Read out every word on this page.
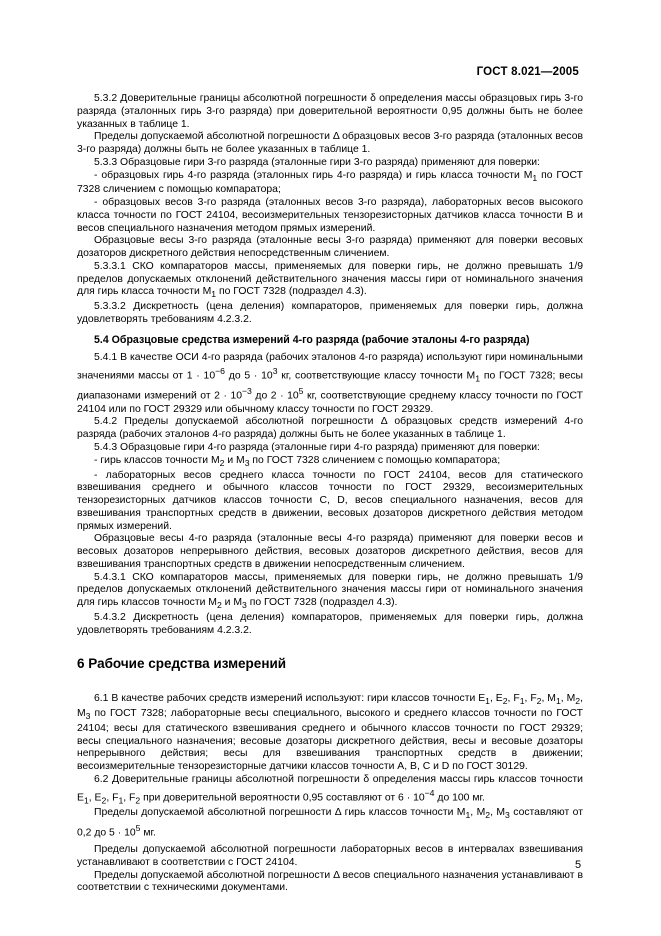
ГОСТ 8.021—2005

5.3.2 Доверительные границы абсолютной погрешности δ определения массы образцовых гирь 3-го разряда (эталонных гирь 3-го разряда) при доверительной вероятности 0,95 должны быть не более указанных в таблице 1.

Пределы допускаемой абсолютной погрешности Δ образцовых весов 3-го разряда (эталонных весов 3-го разряда) должны быть не более указанных в таблице 1.

5.3.3 Образцовые гири 3-го разряда (эталонные гири 3-го разряда) применяют для поверки:

- образцовых гирь 4-го разряда (эталонных гирь 4-го разряда) и гирь класса точности $M_1$ по ГОСТ 7328 сличением с помощью компаратора;

- образцовых весов 3-го разряда (эталонных весов 3-го разряда), лабораторных весов высокого класса точности по ГОСТ 24104, весоизмерительных тензорезисторных датчиков класса точности B и весов специального назначения методом прямых измерений.

Образцовые весы 3-го разряда (эталонные весы 3-го разряда) применяют для поверки весовых дозаторов дискретного действия непосредственным сличением.

5.3.3.1 СКО компараторов массы, применяемых для поверки гирь, не должно превышать 1/9 пределов допускаемых отклонений действительного значения массы гири от номинального значения для гирь класса точности $M_1$ по ГОСТ 7328 (подраздел 4.3).

5.3.3.2 Дискретность (цена деления) компараторов, применяемых для поверки гирь, должна удовлетворять требованиям 4.2.3.2.

5.4 Образцовые средства измерений 4-го разряда (рабочие эталоны 4-го разряда)

5.4.1 В качестве ОСИ 4-го разряда (рабочих эталонов 4-го разряда) используют гири номинальными значениями массы от $1 \cdot 10^{-6}$ до $5 \cdot 10^3$ кг, соответствующие классу точности $M_1$ по ГОСТ 7328; весы диапазонами измерений от $2 \cdot 10^{-3}$ до $2 \cdot 10^5$ кг, соответствующие среднему классу точности по ГОСТ 24104 или по ГОСТ 29329 или обычному классу точности по ГОСТ 29329.

5.4.2 Пределы допускаемой абсолютной погрешности Δ образцовых средств измерений 4-го разряда (рабочих эталонов 4-го разряда) должны быть не более указанных в таблице 1.

5.4.3 Образцовые гири 4-го разряда (эталонные гири 4-го разряда) применяют для поверки:

- гирь классов точности $M_2$ и $M_3$ по ГОСТ 7328 сличением с помощью компаратора;

- лабораторных весов среднего класса точности по ГОСТ 24104, весов для статического взвешивания среднего и обычного классов точности по ГОСТ 29329, весоизмерительных тензорезисторных датчиков классов точности C, D, весов специального назначения, весов для взвешивания транспортных средств в движении, весовых дозаторов дискретного действия методом прямых измерений.

Образцовые весы 4-го разряда (эталонные весы 4-го разряда) применяют для поверки весов и весовых дозаторов непрерывного действия, весовых дозаторов дискретного действия, весов для взвешивания транспортных средств в движении непосредственным сличением.

5.4.3.1 СКО компараторов массы, применяемых для поверки гирь, не должно превышать 1/9 пределов допускаемых отклонений действительного значения массы гири от номинального значения для гирь классов точности $M_2$ и $M_3$ по ГОСТ 7328 (подраздел 4.3).

5.4.3.2 Дискретность (цена деления) компараторов, применяемых для поверки гирь, должна удовлетворять требованиям 4.2.3.2.

6 Рабочие средства измерений

6.1 В качестве рабочих средств измерений используют: гири классов точности $E_1$, $E_2$, $F_1$, $F_2$, $M_1$, $M_2$, $M_3$ по ГОСТ 7328; лабораторные весы специального, высокого и среднего классов точности по ГОСТ 24104; весы для статического взвешивания среднего и обычного классов точности по ГОСТ 29329; весы специального назначения; весовые дозаторы дискретного действия, весы и весовые дозаторы непрерывного действия; весы для взвешивания транспортных средств в движении; весоизмерительные тензорезисторные датчики классов точности A, B, C и D по ГОСТ 30129.

6.2 Доверительные границы абсолютной погрешности δ определения массы гирь классов точности $E_1$, $E_2$, $F_1$, $F_2$ при доверительной вероятности 0,95 составляют от $6 \cdot 10^{-4}$ до 100 мг.

Пределы допускаемой абсолютной погрешности Δ гирь классов точности $M_1$, $M_2$, $M_3$ составляют от 0,2 до $5 \cdot 10^5$ мг.

Пределы допускаемой абсолютной погрешности лабораторных весов в интервалах взвешивания устанавливают в соответствии с ГОСТ 24104.

Пределы допускаемой абсолютной погрешности Δ весов специального назначения устанавливают в соответствии с техническими документами.

5
